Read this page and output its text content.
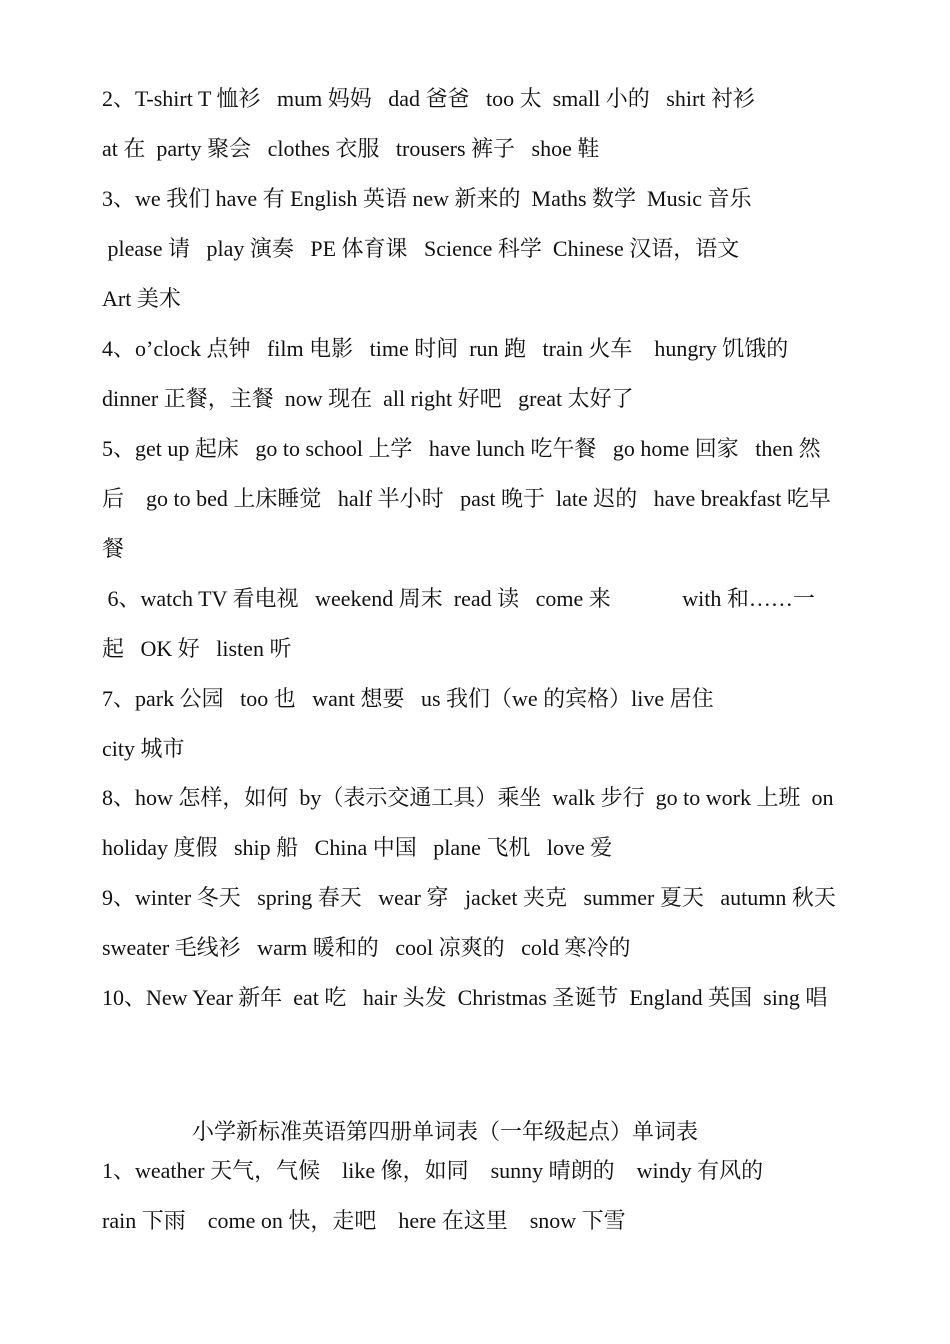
2、T-shirt T 恤衫   mum 妈妈   dad 爸爸   too 太  small 小的   shirt 衬衫
at 在  party 聚会   clothes 衣服   trousers 裤子   shoe 鞋
3、we 我们 have 有 English 英语 new 新来的  Maths 数学  Music 音乐
please 请   play 演奏   PE 体育课   Science 科学  Chinese 汉语，语文
Art 美术
4、o’clock 点钟   film 电影   time 时间  run 跑   train 火车    hungry 饥饿的
dinner 正餐，主餐  now 现在  all right 好吧   great 太好了
5、get up 起床   go to school 上学   have lunch 吃午餐   go home 回家   then 然
后    go to bed 上床睡觉   half 半小时   past 晚于  late 迟的   have breakfast 吃早
餐
6、watch TV 看电视   weekend 周末  read 读   come 来             with 和……一
起   OK 好   listen 听
7、park 公园   too 也   want 想要   us 我们（we 的宾格）live 居住
city 城市
8、how 怎样，如何  by（表示交通工具）乘坐  walk 步行  go to work 上班  on
holiday 度假   ship 船   China 中国   plane 飞机   love 爱
9、winter 冬天   spring 春天   wear 穿   jacket 夹克   summer 夏天   autumn 秋天
sweater 毛线衫   warm 暖和的   cool 凉爽的   cold 寒冷的
10、New Year 新年  eat 吃   hair 头发  Christmas 圣诞节  England 英国  sing 唱
小学新标准英语第四册单词表（一年级起点）单词表
1、weather 天气，气候    like 像，如同    sunny 晴朗的    windy 有风的
rain 下雨    come on 快，走吧    here 在这里    snow 下雪
